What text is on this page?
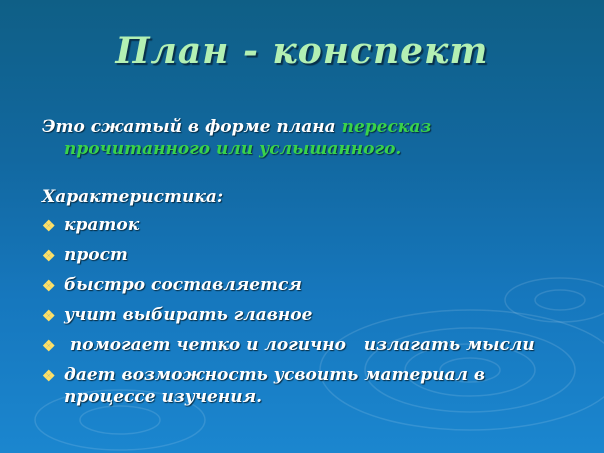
План - конспект
Это сжатый в форме плана пересказ
прочитанного или услышанного.
Характеристика:
❖ краток
❖ прост
❖ быстро составляется
❖ учит выбирать главное
❖ помогает четко и логично   излагать мысли
❖ дает возможность усвоить материал в процессе изучения.
